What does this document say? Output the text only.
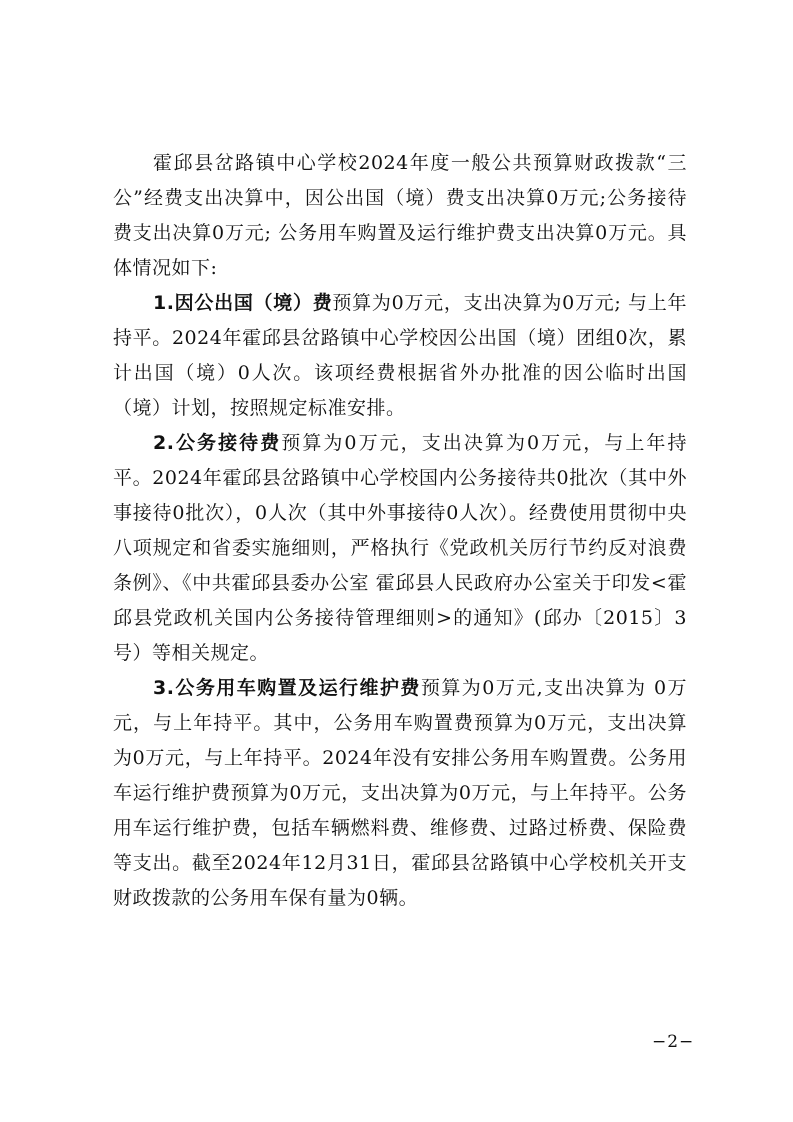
霍邱县岔路镇中心学校2024年度一般公共预算财政拨款“三公”经费支出决算中，因公出国（境）费支出决算0万元;公务接待费支出决算0万元; 公务用车购置及运行维护费支出决算0万元。具体情况如下:

1.因公出国（境）费预算为0万元，支出决算为0万元; 与上年持平。2024年霍邱县岔路镇中心学校因公出国（境）团组0次，累计出国（境）0人次。该项经费根据省外办批准的因公临时出国（境）计划，按照规定标准安排。

2.公务接待费预算为0万元，支出决算为0万元，与上年持平。2024年霍邱县岔路镇中心学校国内公务接待共0批次（其中外事接待0批次），0人次（其中外事接待0人次）。经费使用贯彻中央八项规定和省委实施细则，严格执行《党政机关厉行节约反对浪费条例》、《中共霍邱县委办公室 霍邱县人民政府办公室关于印发<霍邱县党政机关国内公务接待管理细则>的通知》(邱办〔2015〕3号）等相关规定。

3.公务用车购置及运行维护费预算为0万元,支出决算为 0万元，与上年持平。其中，公务用车购置费预算为0万元，支出决算为0万元，与上年持平。2024年没有安排公务用车购置费。公务用车运行维护费预算为0万元，支出决算为0万元，与上年持平。公务用车运行维护费，包括车辆燃料费、维修费、过路过桥费、保险费等支出。截至2024年12月31日，霍邱县岔路镇中心学校机关开支财政拨款的公务用车保有量为0辆。

−2−
